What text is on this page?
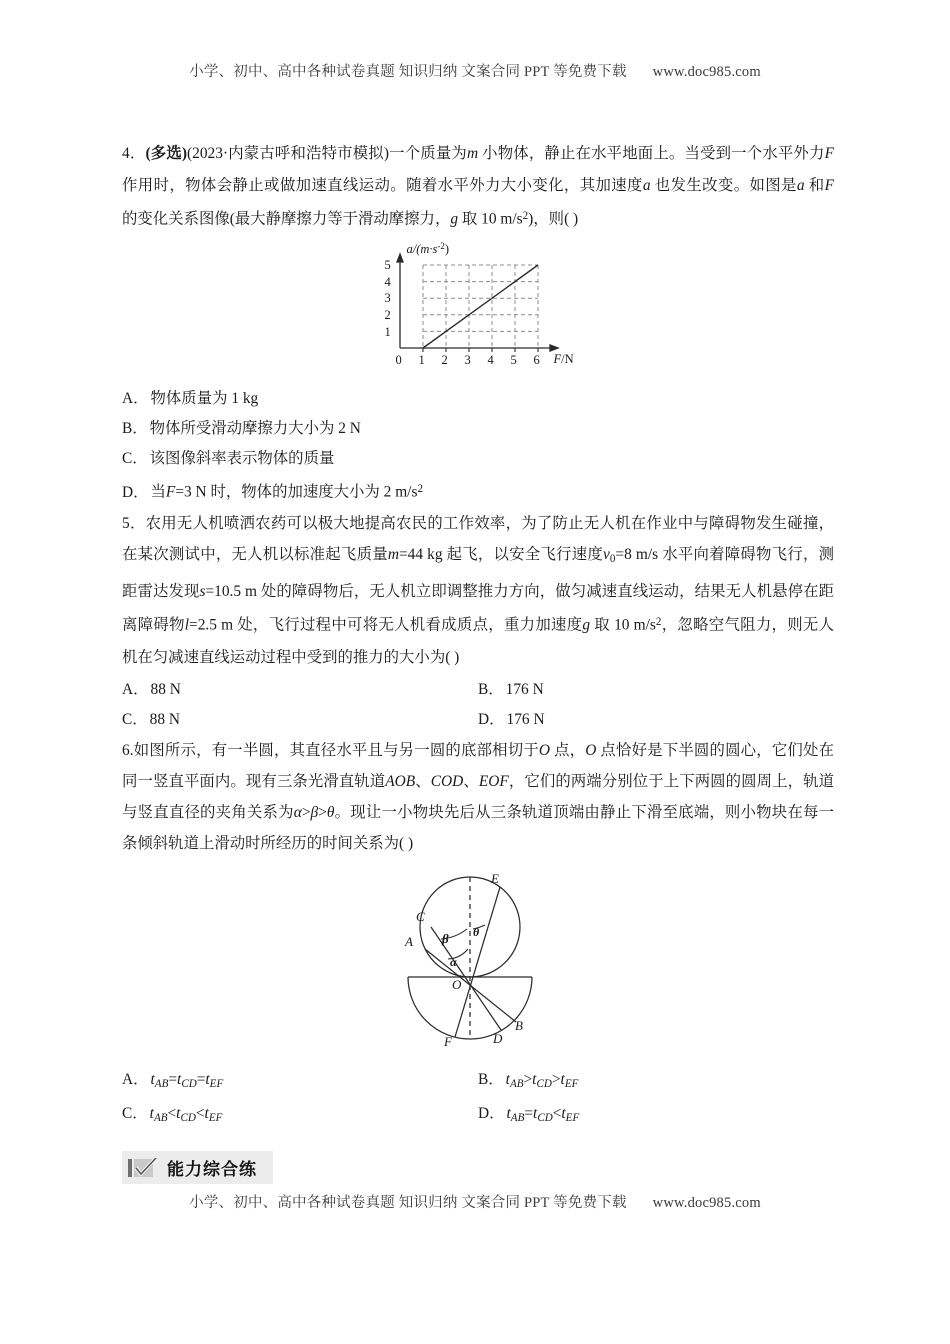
小学、初中、高中各种试卷真题 知识归纳 文案合同 PPT 等免费下载 www.doc985.com

4．(多选)(2023·内蒙古呼和浩特市模拟)一个质量为m 小物体，静止在水平地面上。当受到一个水平外力F 作用时，物体会静止或做加速直线运动。随着水平外力大小变化，其加速度a 也发生改变。如图是a 和F 的变化关系图像(最大静摩擦力等于滑动摩擦力，g 取 10 $m/s^2$)，则( )

$a/(m\cdot s^{-2})$
5
4
3
2
1
0 1 2 3 4 5 6 F/N
A． 物体质量为 1 kg
B． 物体所受滑动摩擦力大小为 2 N
C． 该图像斜率表示物体的质量
D． 当F=3 N 时，物体的加速度大小为 2 $m/s^2$

5．农用无人机喷洒农药可以极大地提高农民的工作效率，为了防止无人机在作业中与障碍物发生碰撞，在某次测试中，无人机以标准起飞质量m=44 kg 起飞，以安全飞行速度$v_0=8$ m/s 水平向着障碍物飞行，测距雷达发现s=10.5 m 处的障碍物后，无人机立即调整推力方向，做匀减速直线运动，结果无人机悬停在距离障碍物l=2.5 m 处，飞行过程中可将无人机看成质点，重力加速度g 取 10 $m/s^2$，忽略空气阻力，则无人机在匀减速直线运动过程中受到的推力的大小为( )

A． 88 N	B． 176 N
C． 88 N	D． 176 N

6.如图所示，有一半圆，其直径水平且与另一圆的底部相切于O 点，O 点恰好是下半圆的圆心，它们处在同一竖直平面内。现有三条光滑直轨道AOB、COD、EOF，它们的两端分别位于上下两圆的圆周上，轨道与竖直直径的夹角关系为α>β>θ。现让一小物块先后从三条轨道顶端由静止下滑至底端，则小物块在每一条倾斜轨道上滑动时所经历的时间关系为( )

E
C
A
O
B
D
F
α
β θ
A． $t_{AB}=t_{CD}=t_{EF}$	B． $t_{AB}>t_{CD}>t_{EF}$
C． $t_{AB}<t_{CD}<t_{EF}$	D． $t_{AB}=t_{CD}<t_{EF}$
能力综合练
小学、初中、高中各种试卷真题 知识归纳 文案合同 PPT 等免费下载 www.doc985.com
